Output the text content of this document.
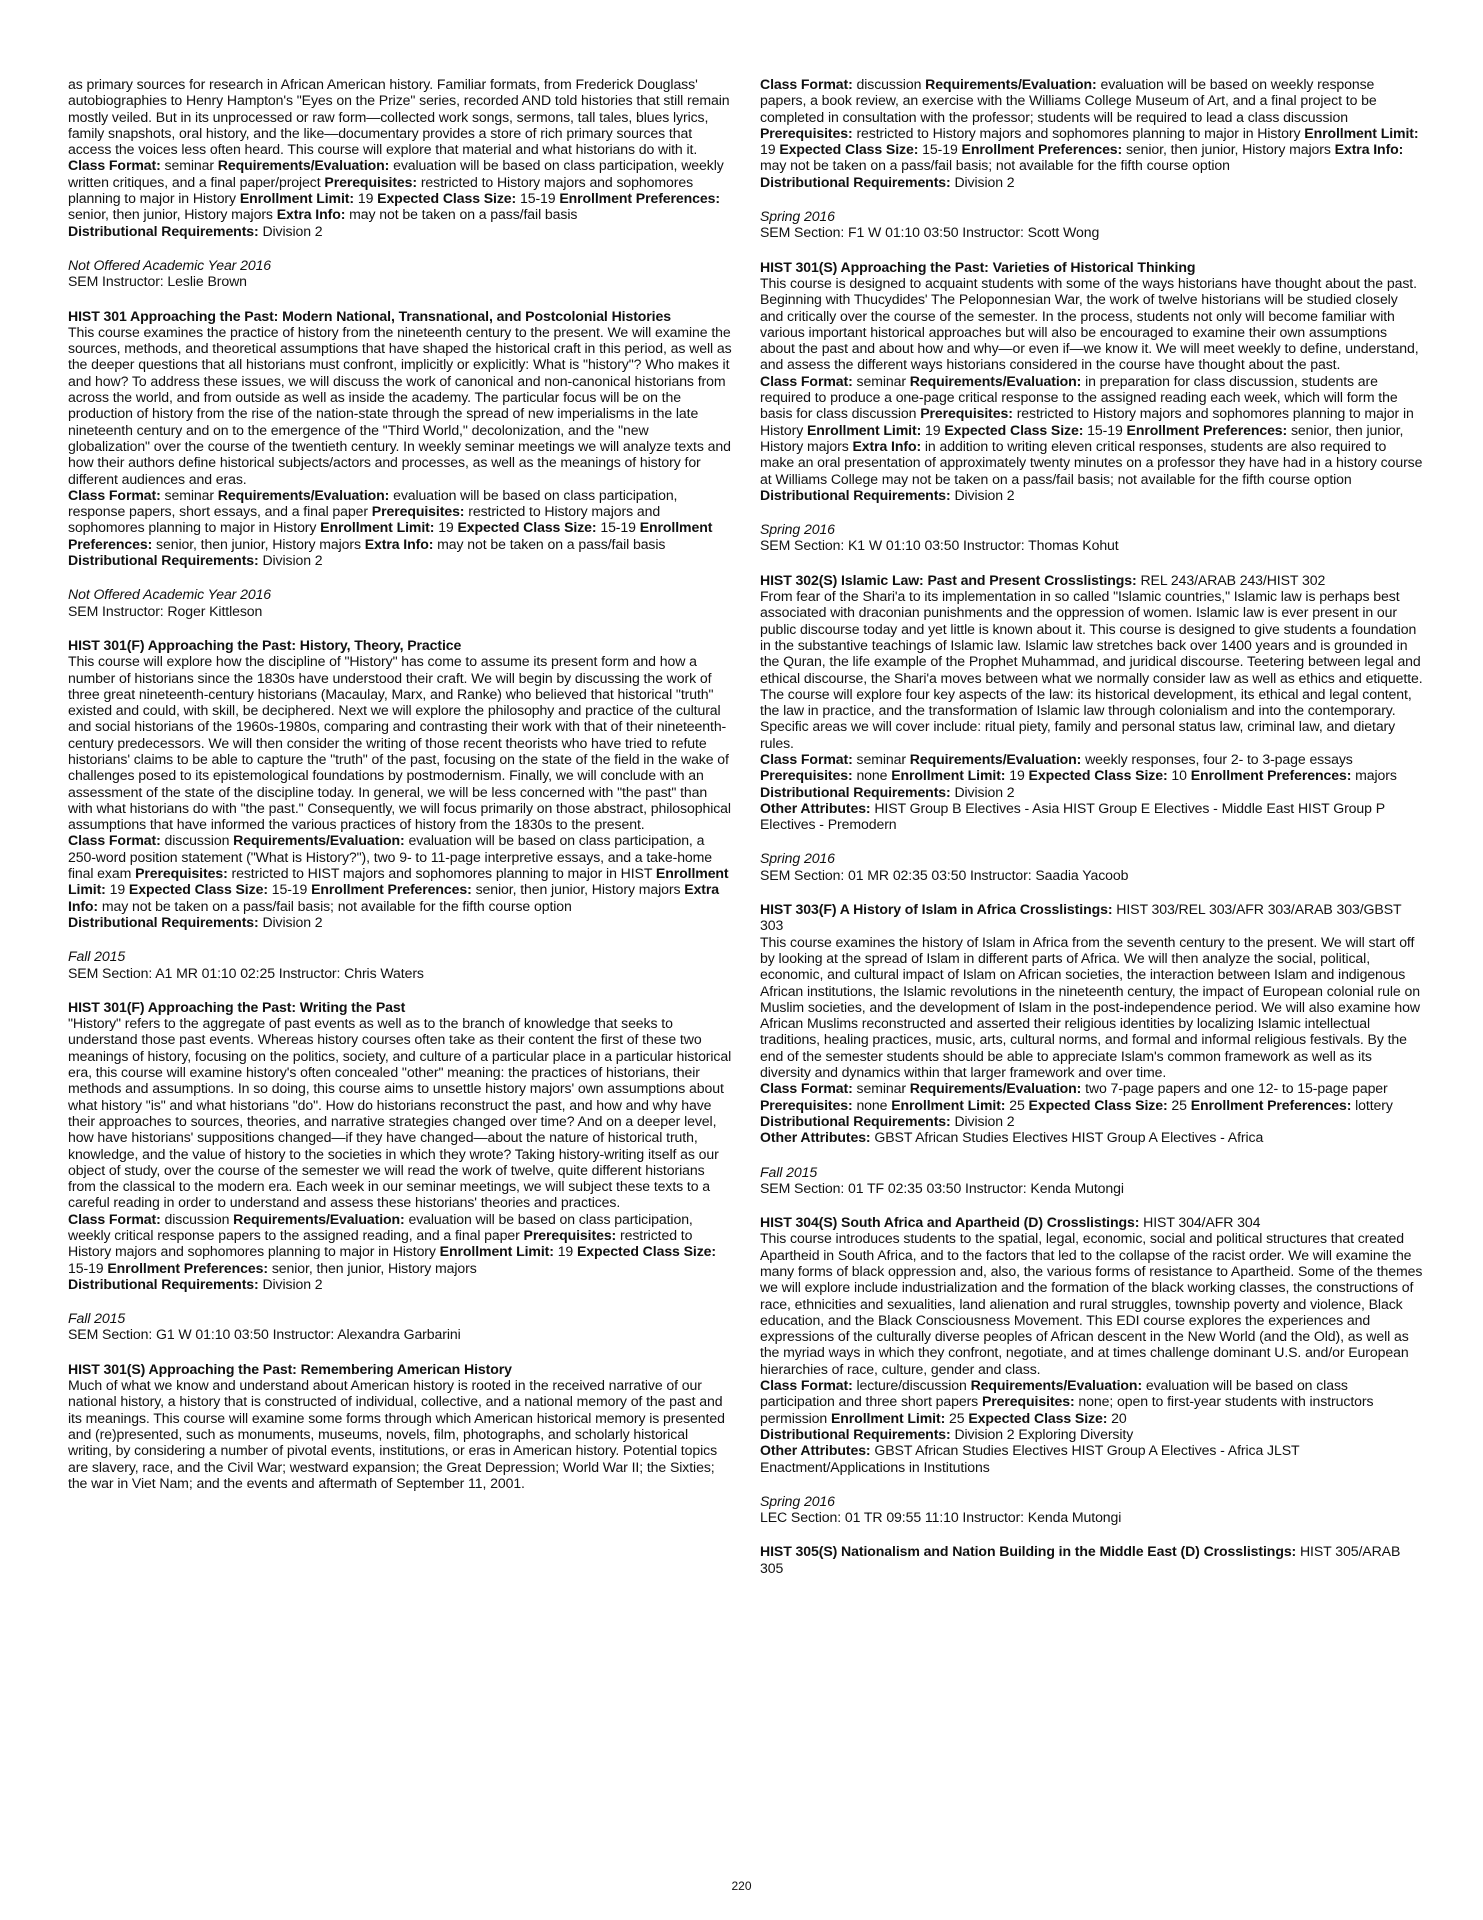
as primary sources for research in African American history. Familiar formats, from Frederick Douglass' autobiographies to Henry Hampton's "Eyes on the Prize" series, recorded AND told histories that still remain mostly veiled. But in its unprocessed or raw form—collected work songs, sermons, tall tales, blues lyrics, family snapshots, oral history, and the like—documentary provides a store of rich primary sources that access the voices less often heard. This course will explore that material and what historians do with it.
Class Format: seminar Requirements/Evaluation: evaluation will be based on class participation, weekly written critiques, and a final paper/project Prerequisites: restricted to History majors and sophomores planning to major in History Enrollment Limit: 19 Expected Class Size: 15-19 Enrollment Preferences: senior, then junior, History majors Extra Info: may not be taken on a pass/fail basis
Distributional Requirements: Division 2
Not Offered Academic Year 2016
SEM Instructor: Leslie Brown
HIST 301 Approaching the Past: Modern National, Transnational, and Postcolonial Histories
This course examines the practice of history from the nineteenth century to the present. We will examine the sources, methods, and theoretical assumptions that have shaped the historical craft in this period, as well as the deeper questions that all historians must confront, implicitly or explicitly: What is "history"? Who makes it and how? To address these issues, we will discuss the work of canonical and non-canonical historians from across the world, and from outside as well as inside the academy. The particular focus will be on the production of history from the rise of the nation-state through the spread of new imperialisms in the late nineteenth century and on to the emergence of the "Third World," decolonization, and the "new globalization" over the course of the twentieth century. In weekly seminar meetings we will analyze texts and how their authors define historical subjects/actors and processes, as well as the meanings of history for different audiences and eras.
Class Format: seminar Requirements/Evaluation: evaluation will be based on class participation, response papers, short essays, and a final paper Prerequisites: restricted to History majors and sophomores planning to major in History Enrollment Limit: 19 Expected Class Size: 15-19 Enrollment Preferences: senior, then junior, History majors Extra Info: may not be taken on a pass/fail basis
Distributional Requirements: Division 2
Not Offered Academic Year 2016
SEM Instructor: Roger Kittleson
HIST 301(F) Approaching the Past: History, Theory, Practice
This course will explore how the discipline of "History" has come to assume its present form and how a number of historians since the 1830s have understood their craft. We will begin by discussing the work of three great nineteenth-century historians (Macaulay, Marx, and Ranke) who believed that historical "truth" existed and could, with skill, be deciphered. Next we will explore the philosophy and practice of the cultural and social historians of the 1960s-1980s, comparing and contrasting their work with that of their nineteenth-century predecessors. We will then consider the writing of those recent theorists who have tried to refute historians' claims to be able to capture the "truth" of the past, focusing on the state of the field in the wake of challenges posed to its epistemological foundations by postmodernism. Finally, we will conclude with an assessment of the state of the discipline today. In general, we will be less concerned with "the past" than with what historians do with "the past." Consequently, we will focus primarily on those abstract, philosophical assumptions that have informed the various practices of history from the 1830s to the present.
Class Format: discussion Requirements/Evaluation: evaluation will be based on class participation, a 250-word position statement ("What is History?"), two 9- to 11-page interpretive essays, and a take-home final exam Prerequisites: restricted to HIST majors and sophomores planning to major in HIST Enrollment Limit: 19 Expected Class Size: 15-19 Enrollment Preferences: senior, then junior, History majors Extra Info: may not be taken on a pass/fail basis; not available for the fifth course option
Distributional Requirements: Division 2
Fall 2015
SEM Section: A1 MR 01:10 02:25 Instructor: Chris Waters
HIST 301(F) Approaching the Past: Writing the Past
"History" refers to the aggregate of past events as well as to the branch of knowledge that seeks to understand those past events. Whereas history courses often take as their content the first of these two meanings of history, focusing on the politics, society, and culture of a particular place in a particular historical era, this course will examine history's often concealed "other" meaning: the practices of historians, their methods and assumptions. In so doing, this course aims to unsettle history majors' own assumptions about what history "is" and what historians "do". How do historians reconstruct the past, and how and why have their approaches to sources, theories, and narrative strategies changed over time? And on a deeper level, how have historians' suppositions changed—if they have changed—about the nature of historical truth, knowledge, and the value of history to the societies in which they wrote? Taking history-writing itself as our object of study, over the course of the semester we will read the work of twelve, quite different historians from the classical to the modern era. Each week in our seminar meetings, we will subject these texts to a careful reading in order to understand and assess these historians' theories and practices.
Class Format: discussion Requirements/Evaluation: evaluation will be based on class participation, weekly critical response papers to the assigned reading, and a final paper Prerequisites: restricted to History majors and sophomores planning to major in History Enrollment Limit: 19 Expected Class Size: 15-19 Enrollment Preferences: senior, then junior, History majors
Distributional Requirements: Division 2
Fall 2015
SEM Section: G1 W 01:10 03:50 Instructor: Alexandra Garbarini
HIST 301(S) Approaching the Past: Remembering American History
Much of what we know and understand about American history is rooted in the received narrative of our national history, a history that is constructed of individual, collective, and a national memory of the past and its meanings. This course will examine some forms through which American historical memory is presented and (re)presented, such as monuments, museums, novels, film, photographs, and scholarly historical writing, by considering a number of pivotal events, institutions, or eras in American history. Potential topics are slavery, race, and the Civil War; westward expansion; the Great Depression; World War II; the Sixties; the war in Viet Nam; and the events and aftermath of September 11, 2001.
Class Format: discussion Requirements/Evaluation: evaluation will be based on weekly response papers, a book review, an exercise with the Williams College Museum of Art, and a final project to be completed in consultation with the professor; students will be required to lead a class discussion Prerequisites: restricted to History majors and sophomores planning to major in History Enrollment Limit: 19 Expected Class Size: 15-19 Enrollment Preferences: senior, then junior, History majors Extra Info: may not be taken on a pass/fail basis; not available for the fifth course option
Distributional Requirements: Division 2
Spring 2016
SEM Section: F1 W 01:10 03:50 Instructor: Scott Wong
HIST 301(S) Approaching the Past: Varieties of Historical Thinking
This course is designed to acquaint students with some of the ways historians have thought about the past. Beginning with Thucydides' The Peloponnesian War, the work of twelve historians will be studied closely and critically over the course of the semester. In the process, students not only will become familiar with various important historical approaches but will also be encouraged to examine their own assumptions about the past and about how and why—or even if—we know it. We will meet weekly to define, understand, and assess the different ways historians considered in the course have thought about the past.
Class Format: seminar Requirements/Evaluation: in preparation for class discussion, students are required to produce a one-page critical response to the assigned reading each week, which will form the basis for class discussion Prerequisites: restricted to History majors and sophomores planning to major in History Enrollment Limit: 19 Expected Class Size: 15-19 Enrollment Preferences: senior, then junior, History majors Extra Info: in addition to writing eleven critical responses, students are also required to make an oral presentation of approximately twenty minutes on a professor they have had in a history course at Williams College may not be taken on a pass/fail basis; not available for the fifth course option
Distributional Requirements: Division 2
Spring 2016
SEM Section: K1 W 01:10 03:50 Instructor: Thomas Kohut
HIST 302(S) Islamic Law: Past and Present Crosslistings: REL 243/ARAB 243/HIST 302
From fear of the Shari'a to its implementation in so called "Islamic countries," Islamic law is perhaps best associated with draconian punishments and the oppression of women. Islamic law is ever present in our public discourse today and yet little is known about it. This course is designed to give students a foundation in the substantive teachings of Islamic law. Islamic law stretches back over 1400 years and is grounded in the Quran, the life example of the Prophet Muhammad, and juridical discourse. Teetering between legal and ethical discourse, the Shari'a moves between what we normally consider law as well as ethics and etiquette.
The course will explore four key aspects of the law: its historical development, its ethical and legal content, the law in practice, and the transformation of Islamic law through colonialism and into the contemporary. Specific areas we will cover include: ritual piety, family and personal status law, criminal law, and dietary rules.
Class Format: seminar Requirements/Evaluation: weekly responses, four 2- to 3-page essays Prerequisites: none Enrollment Limit: 19 Expected Class Size: 10 Enrollment Preferences: majors
Distributional Requirements: Division 2
Other Attributes: HIST Group B Electives - Asia HIST Group E Electives - Middle East HIST Group P Electives - Premodern
Spring 2016
SEM Section: 01 MR 02:35 03:50 Instructor: Saadia Yacoob
HIST 303(F) A History of Islam in Africa Crosslistings: HIST 303/REL 303/AFR 303/ARAB 303/GBST 303
This course examines the history of Islam in Africa from the seventh century to the present. We will start off by looking at the spread of Islam in different parts of Africa. We will then analyze the social, political, economic, and cultural impact of Islam on African societies, the interaction between Islam and indigenous African institutions, the Islamic revolutions in the nineteenth century, the impact of European colonial rule on Muslim societies, and the development of Islam in the post-independence period. We will also examine how African Muslims reconstructed and asserted their religious identities by localizing Islamic intellectual traditions, healing practices, music, arts, cultural norms, and formal and informal religious festivals. By the end of the semester students should be able to appreciate Islam's common framework as well as its diversity and dynamics within that larger framework and over time.
Class Format: seminar Requirements/Evaluation: two 7-page papers and one 12- to 15-page paper Prerequisites: none Enrollment Limit: 25 Expected Class Size: 25 Enrollment Preferences: lottery
Distributional Requirements: Division 2
Other Attributes: GBST African Studies Electives HIST Group A Electives - Africa
Fall 2015
SEM Section: 01 TF 02:35 03:50 Instructor: Kenda Mutongi
HIST 304(S) South Africa and Apartheid (D) Crosslistings: HIST 304/AFR 304
This course introduces students to the spatial, legal, economic, social and political structures that created Apartheid in South Africa, and to the factors that led to the collapse of the racist order. We will examine the many forms of black oppression and, also, the various forms of resistance to Apartheid. Some of the themes we will explore include industrialization and the formation of the black working classes, the constructions of race, ethnicities and sexualities, land alienation and rural struggles, township poverty and violence, Black education, and the Black Consciousness Movement. This EDI course explores the experiences and expressions of the culturally diverse peoples of African descent in the New World (and the Old), as well as the myriad ways in which they confront, negotiate, and at times challenge dominant U.S. and/or European hierarchies of race, culture, gender and class.
Class Format: lecture/discussion Requirements/Evaluation: evaluation will be based on class participation and three short papers Prerequisites: none; open to first-year students with instructors permission Enrollment Limit: 25 Expected Class Size: 20
Distributional Requirements: Division 2 Exploring Diversity
Other Attributes: GBST African Studies Electives HIST Group A Electives - Africa JLST Enactment/Applications in Institutions
Spring 2016
LEC Section: 01 TR 09:55 11:10 Instructor: Kenda Mutongi
HIST 305(S) Nationalism and Nation Building in the Middle East (D) Crosslistings: HIST 305/ARAB 305
220
